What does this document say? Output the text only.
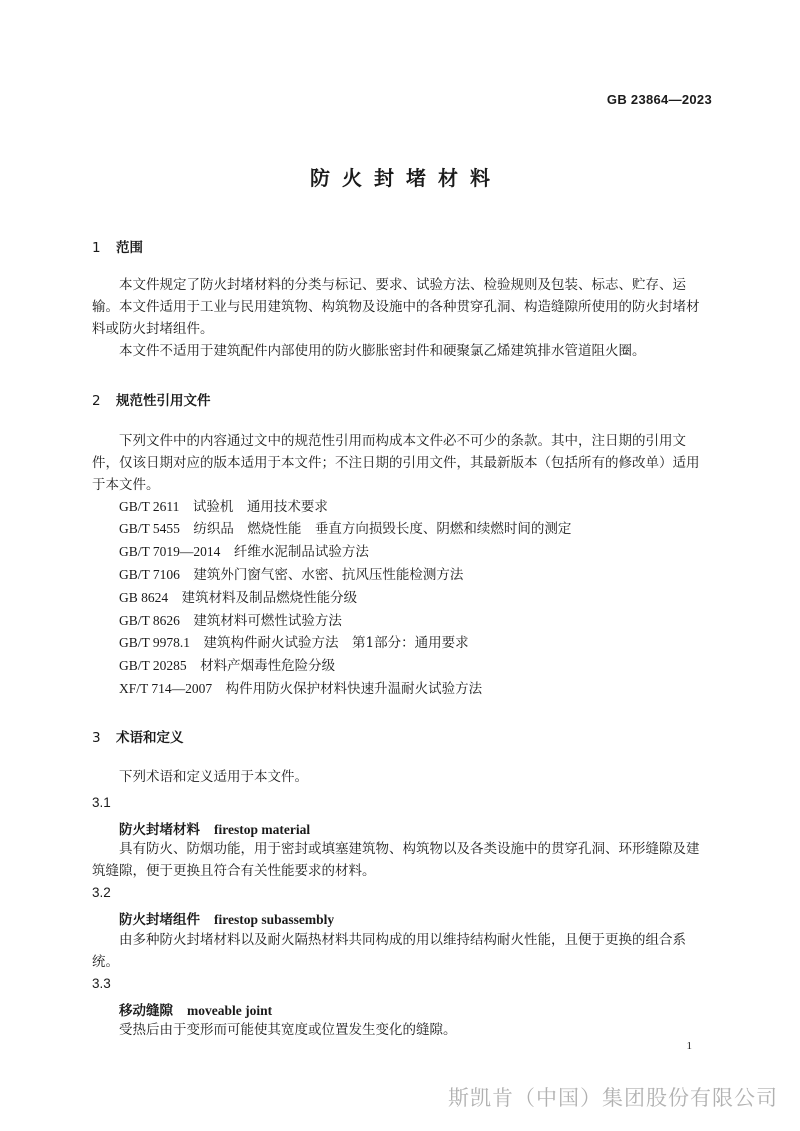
GB 23864—2023
防火封堵材料
1 范围
本文件规定了防火封堵材料的分类与标记、要求、试验方法、检验规则及包装、标志、贮存、运输。 本文件适用于工业与民用建筑物、构筑物及设施中的各种贯穿孔洞、构造缝隙所使用的防火封堵材料或防火封堵组件。
本文件不适用于建筑配件内部使用的防火膨胀密封件和硬聚氯乙烯建筑排水管道阻火圈。
2 规范性引用文件
下列文件中的内容通过文中的规范性引用而构成本文件必不可少的条款。其中，注日期的引用文件，仅该日期对应的版本适用于本文件；不注日期的引用文件，其最新版本（包括所有的修改单）适用于本文件。
GB/T 2611　 试验机　通用技术要求
GB/T 5455　 纺织品　燃烧性能　垂直方向损毁长度、阴燃和续燃时间的测定
GB/T 7019—2014　 纤维水泥制品试验方法
GB/T 7106　 建筑外门窗气密、水密、抗风压性能检测方法
GB 8624　 建筑材料及制品燃烧性能分级
GB/T 8626　 建筑材料可燃性试验方法
GB/T 9978.1　 建筑构件耐火试验方法　第1部分：通用要求
GB/T 20285　 材料产烟毒性危险分级
XF/T 714—2007　 构件用防火保护材料快速升温耐火试验方法
3 术语和定义
下列术语和定义适用于本文件。
3.1
防火封堵材料 firestop material
具有防火、防烟功能，用于密封或填塞建筑物、构筑物以及各类设施中的贯穿孔洞、环形缝隙及建筑缝隙，便于更换且符合有关性能要求的材料。
3.2
防火封堵组件 firestop subassembly
由多种防火封堵材料以及耐火隔热材料共同构成的用以维持结构耐火性能，且便于更换的组合系统。
3.3
移动缝隙 moveable joint
受热后由于变形而可能使其宽度或位置发生变化的缝隙。
1
斯凯肯（中国）集团股份有限公司
